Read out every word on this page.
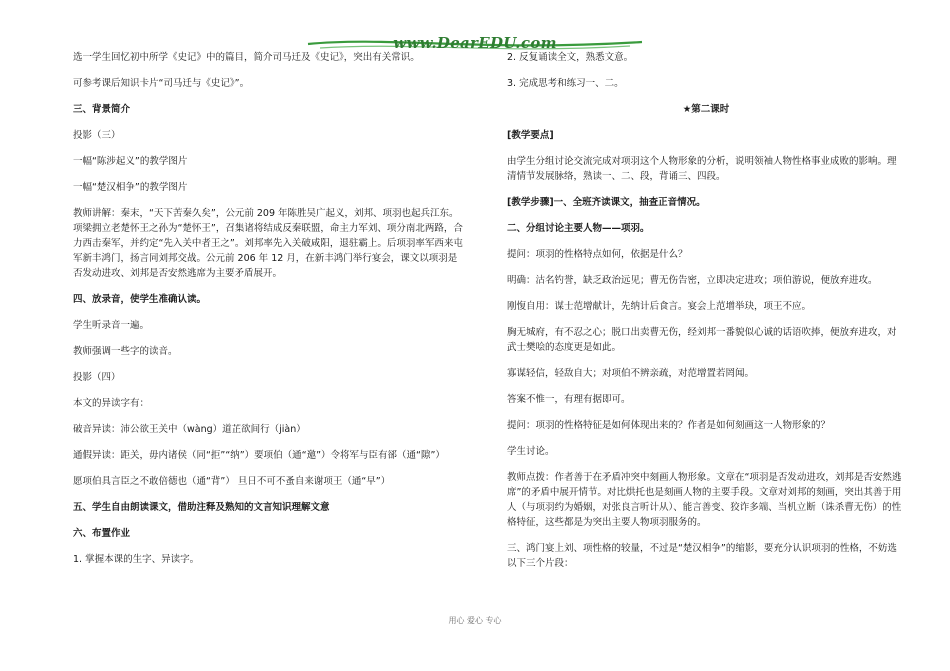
www.DearEDU.com

选一学生回忆初中所学《史记》中的篇目，简介司马迁及《史记》，突出有关常识。

可参考课后知识卡片“司马迁与《史记》”。

三、背景简介

投影（三）

一幅“陈涉起义”的教学图片

一幅“楚汉相争”的教学图片

教师讲解：秦末，“天下苦秦久矣”，公元前 209 年陈胜吴广起义，刘邦、项羽也起兵江东。项梁拥立老楚怀王之孙为“楚怀王”，召集诸将结成反秦联盟，命主力军刘、项分南北两路，合力西击秦军，并约定“先入关中者王之”。刘邦率先入关破咸阳，退驻霸上。后项羽率军西来屯军新丰鸿门，扬言同刘邦交战。公元前 206 年 12 月，在新丰鸿门举行宴会，课文以项羽是否发动进攻、刘邦是否安然逃席为主要矛盾展开。

四、放录音，使学生准确认读。

学生听录音一遍。

教师强调一些字的读音。

投影（四）

本文的异读字有：

破音异读：沛公欲王关中（wàng）道芷欲间行（jiàn）

通假异读：距关，毋内诸侯（同“拒”“纳”）要项伯（通“邀”）令将军与臣有郤（通“隙”）

愿项伯具言臣之不敢倍德也（通“背”） 旦日不可不蚤自来谢项王（通“早”）

五、学生自由朗读课文，借助注释及熟知的文言知识理解文意

六、布置作业

1. 掌握本课的生字、异读字。

2. 反复诵读全文，熟悉文意。

3. 完成思考和练习一、二。

★第二课时

[教学要点]

由学生分组讨论交流完成对项羽这个人物形象的分析，说明领袖人物性格事业成败的影响。理清情节发展脉络，熟读一、二、段，背诵三、四段。

[教学步骤]一、全班齐读课文，抽查正音情况。

二、分组讨论主要人物——项羽。

提问：项羽的性格特点如何，依据是什么？

明确：沽名钓誉，缺乏政治远见；曹无伤告密，立即决定进攻；项伯游说，便放弃进攻。

刚愎自用：谋士范增献计，先纳计后食言。宴会上范增举玦，项王不应。

胸无城府，有不忍之心；脱口出卖曹无伤，经刘邦一番貌似心诚的话语吹捧，便放弃进攻，对武士樊哙的态度更是如此。

寡谋轻信，轻敌自大；对项伯不辨亲疏，对范增置若罔闻。

答案不惟一，有理有据即可。

提问：项羽的性格特征是如何体现出来的？作者是如何刻画这一人物形象的？

学生讨论。

教师点拨：作者善于在矛盾冲突中刻画人物形象。文章在“项羽是否发动进攻，刘邦是否安然逃席”的矛盾中展开情节。对比烘托也是刻画人物的主要手段。文章对刘邦的刻画，突出其善于用人（与项羽约为婚姻，对张良言听计从）、能言善变、狡诈多端、当机立断（诛杀曹无伤）的性格特征，这些都是为突出主要人物项羽服务的。

三、鸿门宴上刘、项性格的较量，不过是“楚汉相争”的缩影，要充分认识项羽的性格，不妨选以下三个片段：

用心 爱心 专心
